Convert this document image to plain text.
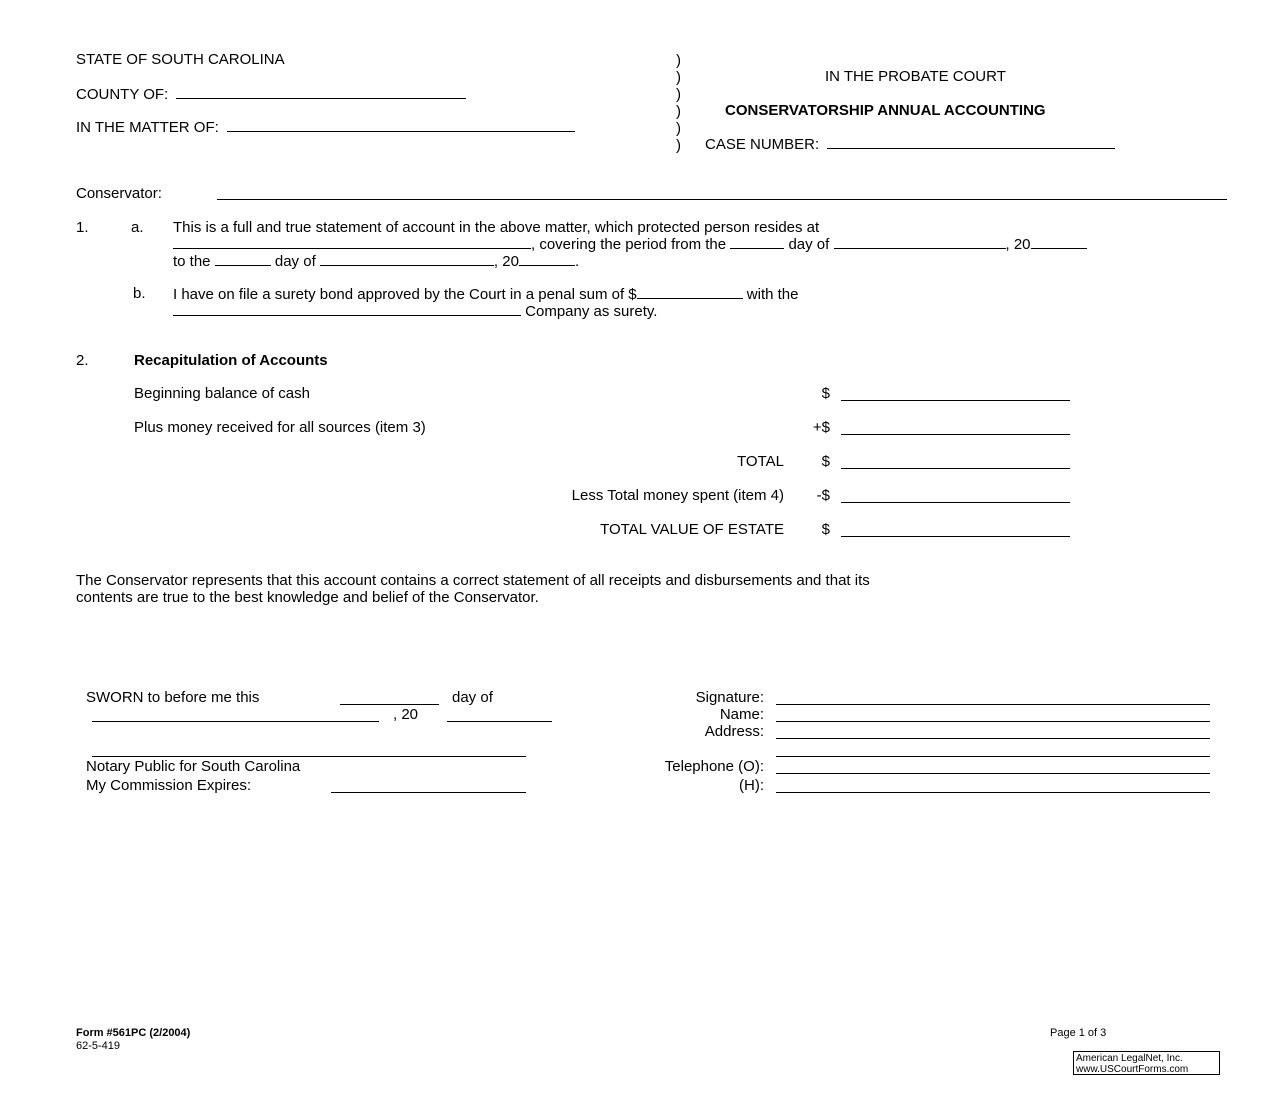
STATE OF SOUTH CAROLINA
COUNTY OF:
IN THE MATTER OF:
)
)
)
)
)
)
IN THE PROBATE COURT
CONSERVATORSHIP ANNUAL ACCOUNTING
CASE NUMBER:
Conservator:
1.	a. This is a full and true statement of account in the above matter, which protected person resides at
, covering the period from the	day of	, 20
to the	day of	, 20	.
b. I have on file a surety bond approved by the Court in a penal sum of $	with the
Company as surety.
2.	Recapitulation of Accounts
Beginning balance of cash	$
Plus money received for all sources (item 3)	+$
TOTAL	$
Less Total money spent (item 4)	-$
TOTAL VALUE OF ESTATE	$
The Conservator represents that this account contains a correct statement of all receipts and disbursements and that its
contents are true to the best knowledge and belief of the Conservator.
SWORN to before me this	day of
, 20
Notary Public for South Carolina
My Commission Expires:
Signature:
Name:
Address:
Telephone (O):
(H):
Form #561PC (2/2004)
62-5-419
Page 1 of 3
American LegalNet, Inc.
www.USCourtForms.com
